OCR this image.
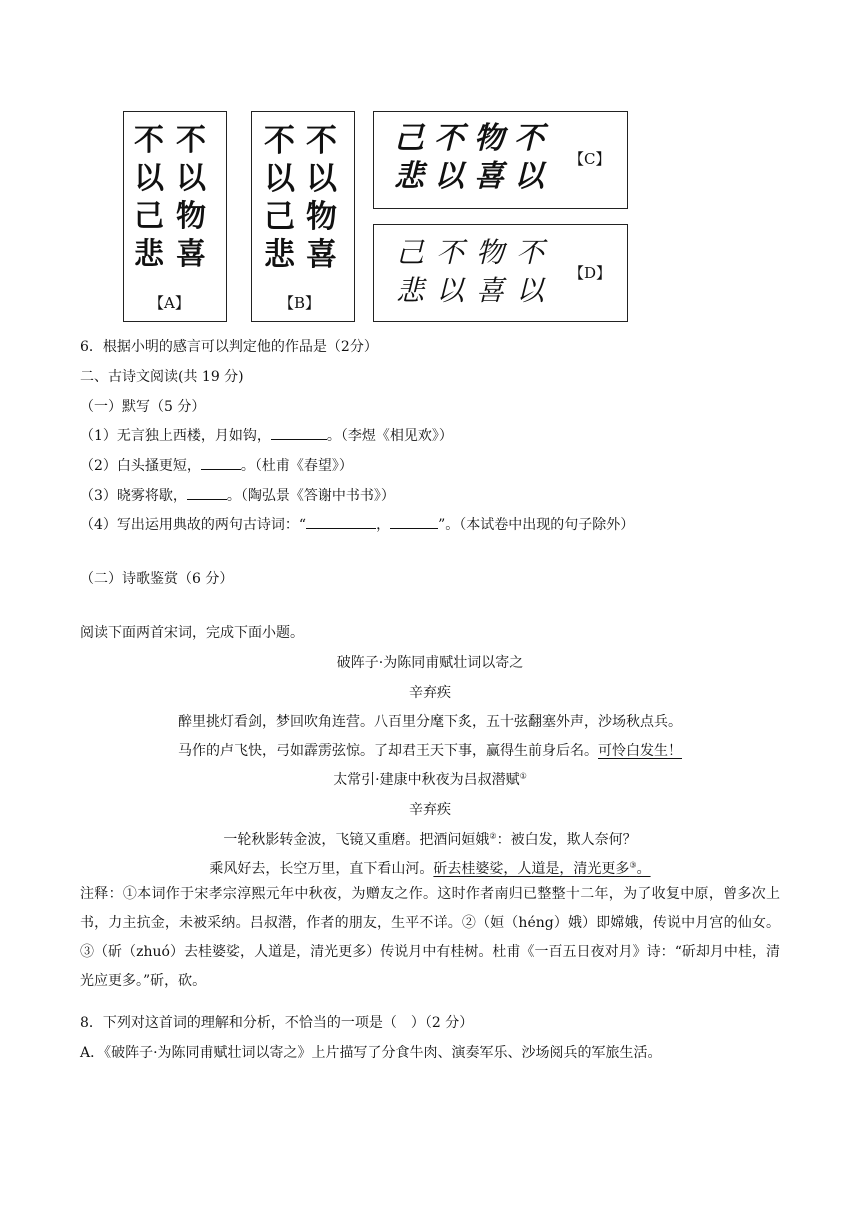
不
以
物
喜
不
以
己
悲
【A】
不
以
物
喜
不
以
己
悲
【B】
己 不 物 不
悲 以 喜 以 【C】
己 不 物 不
悲 以 喜 以
【D】
6．根据小明的感言可以判定他的作品是（2分）
二、古诗文阅读(共 19 分)
（一）默写（5 分）
（1）无言独上西楼，月如钩，	。（李煜《相见欢》）
（2）白头搔更短，	。（杜甫《春望》）
（3）晓雾将歇，	。（陶弘景《答谢中书书》）
（4）写出运用典故的两句古诗词：“	，	”。（本试卷中出现的句子除外）
（二）诗歌鉴赏（6 分）
阅读下面两首宋词，完成下面小题。
破阵子·为陈同甫赋壮词以寄之
辛弃疾
醉里挑灯看剑，梦回吹角连营。八百里分麾下炙，五十弦翻塞外声，沙场秋点兵。
马作的卢飞快，弓如霹雳弦惊。了却君王天下事，赢得生前身后名。可怜白发生！
太常引·建康中秋夜为吕叔潜赋①
辛弃疾
一轮秋影转金波，飞镜又重磨。把酒问姮娥②：被白发，欺人奈何？
乘风好去，长空万里，直下看山河。斫去桂婆娑，人道是，清光更多③。
注释：①本词作于宋孝宗淳熙元年中秋夜，为赠友之作。这时作者南归已整整十二年，为了收复中原，曾多次上书，力主抗金，未被采纳。吕叔潜，作者的朋友，生平不详。②（姮（héng）娥）即嫦娥，传说中月宫的仙女。③（斫（zhuó）去桂婆娑，人道是，清光更多）传说月中有桂树。杜甫《一百五日夜对月》诗：“斫却月中桂，清光应更多。”斫，砍。
8．下列对这首词的理解和分析，不恰当的一项是（　）（2 分）
A．《破阵子·为陈同甫赋壮词以寄之》上片描写了分食牛肉、演奏军乐、沙场阅兵的军旅生活。
